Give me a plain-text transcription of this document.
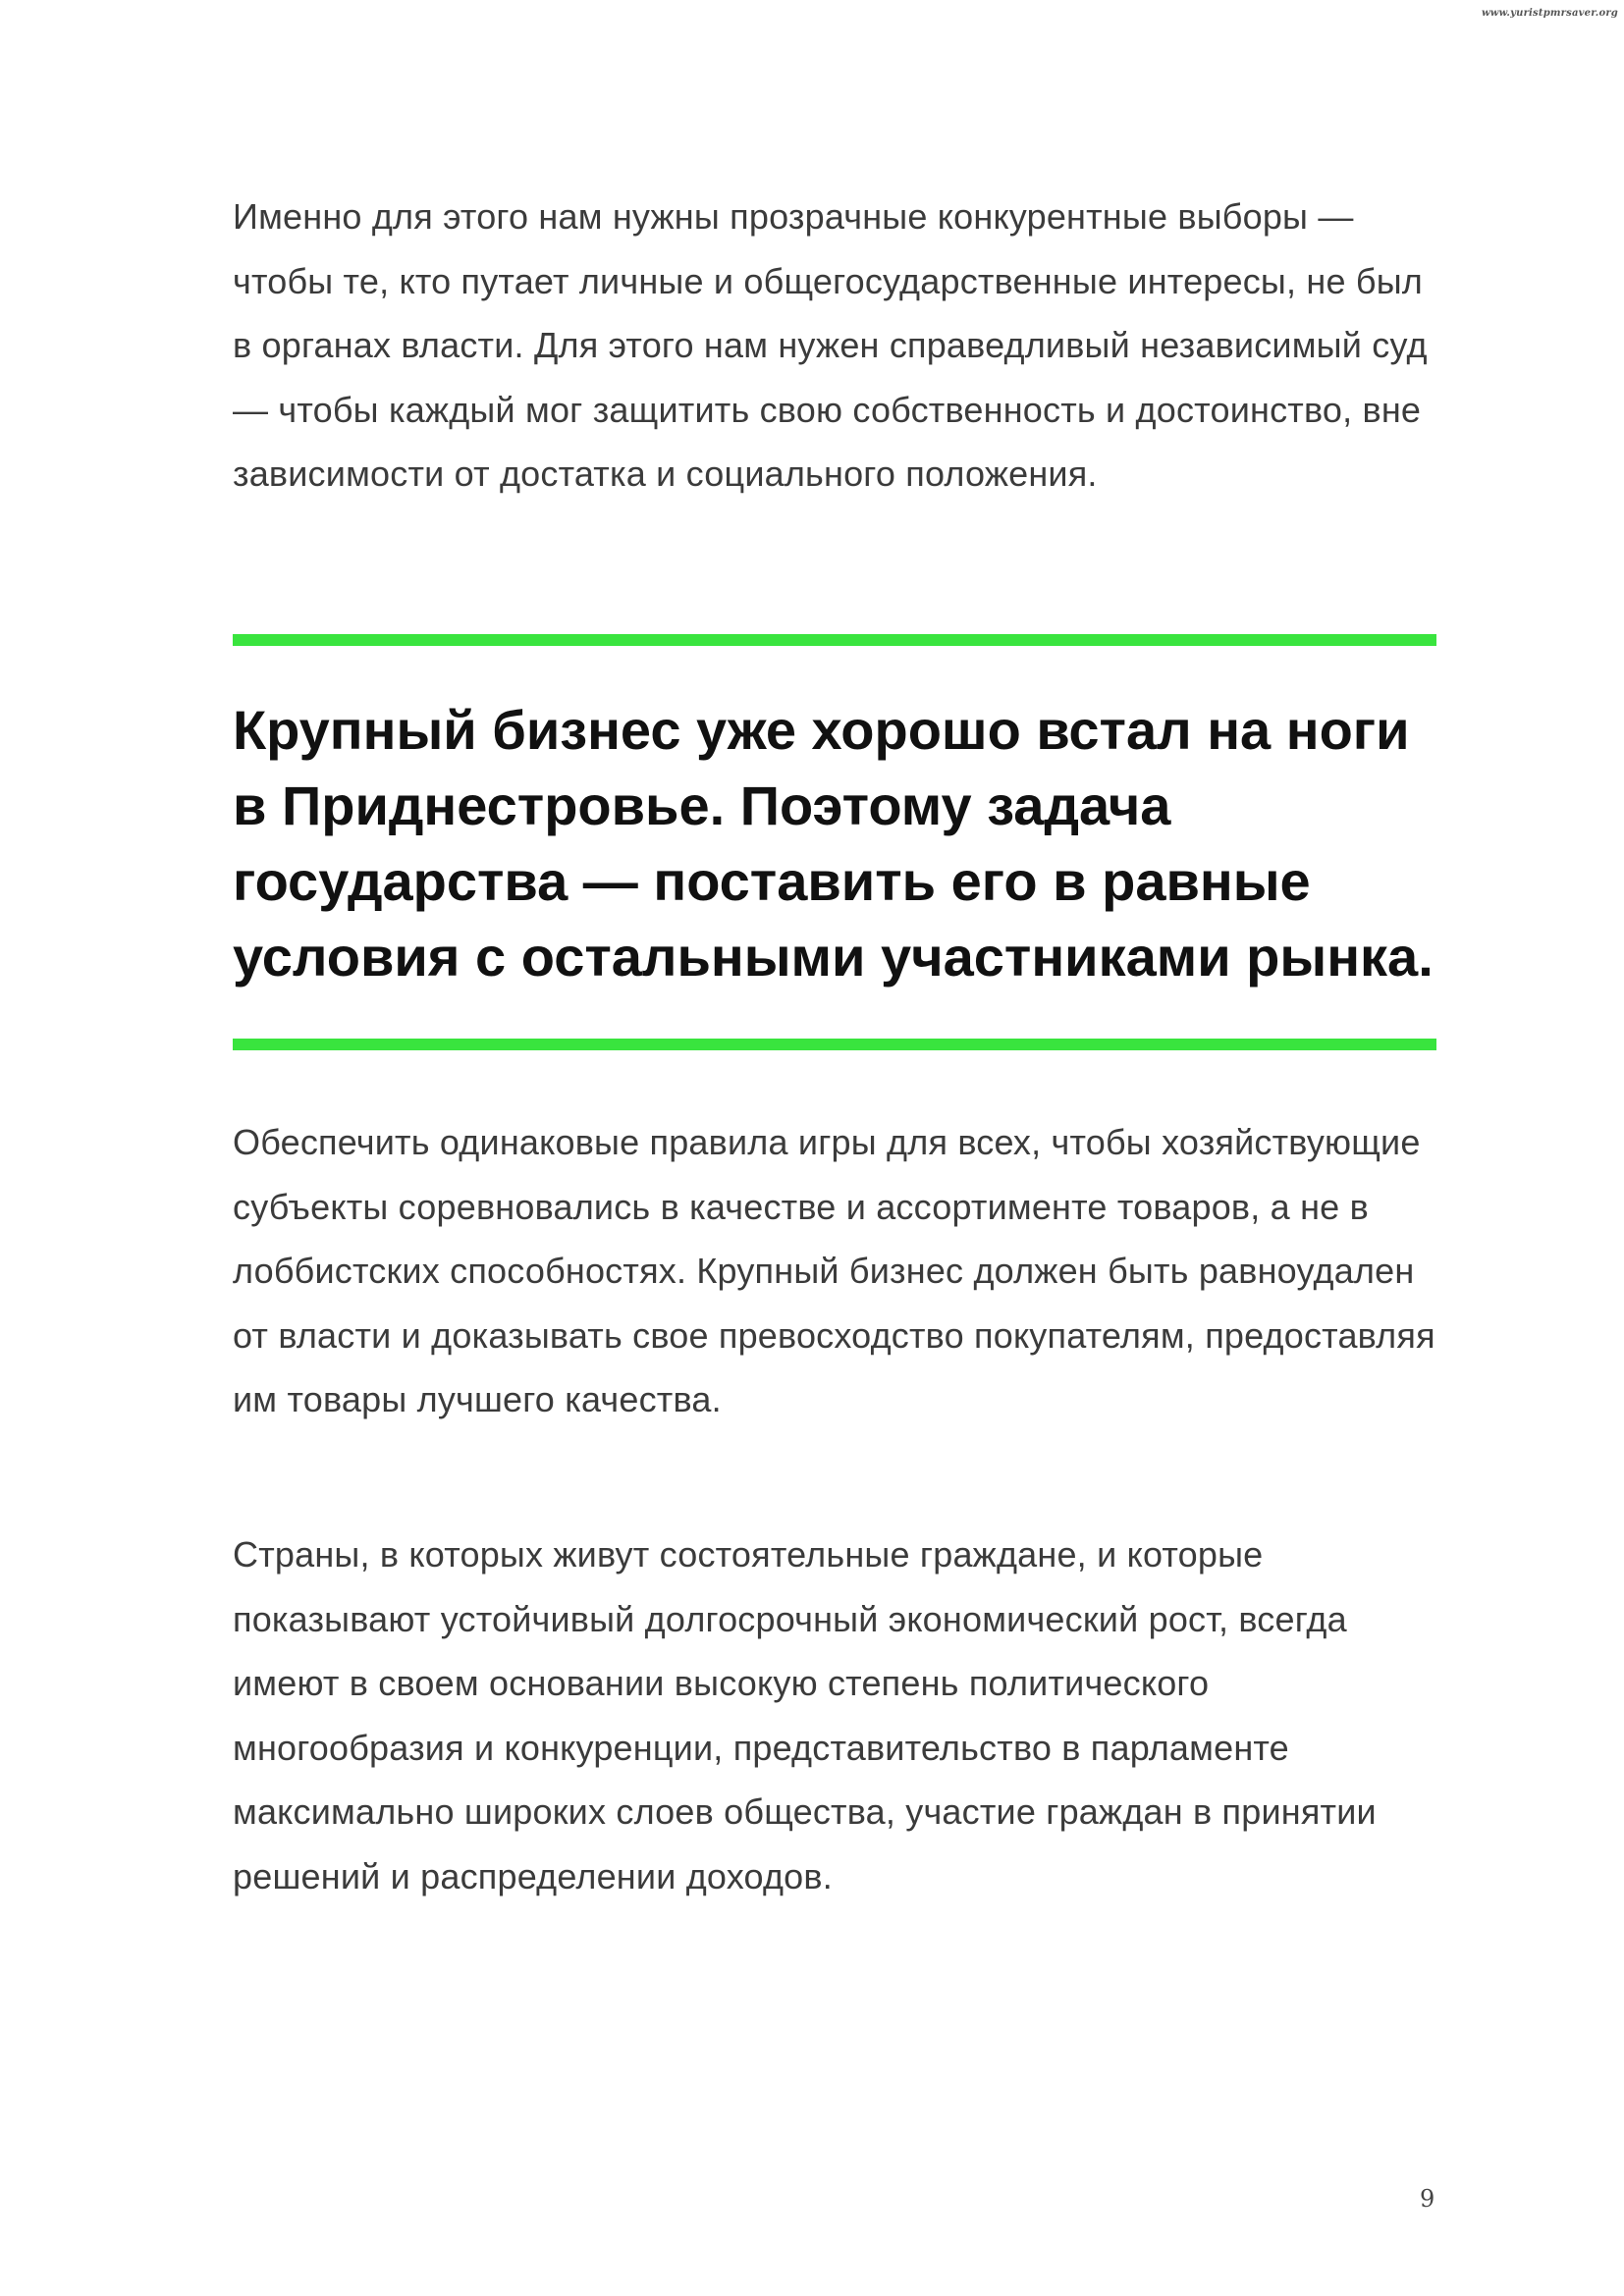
www.yuristpmrsaver.org

Именно для этого нам нужны прозрачные конкурентные выборы — чтобы те, кто путает личные и общегосударственные интересы, не был в органах власти. Для этого нам нужен справедливый независимый суд — чтобы каждый мог защитить свою собственность и достоинство, вне зависимости от достатка и социального положения.

Крупный бизнес уже хорошо встал на ноги в Приднестровье. Поэтому задача государства — поставить его в равные условия с остальными участниками рынка.

Обеспечить одинаковые правила игры для всех, чтобы хозяйствующие субъекты соревновались в качестве и ассортименте товаров, а не в лоббистских способностях. Крупный бизнес должен быть равноудален от власти и доказывать свое превосходство покупателям, предоставляя им товары лучшего качества.

Страны, в которых живут состоятельные граждане, и которые показывают устойчивый долгосрочный экономический рост, всегда имеют в своем основании высокую степень политического многообразия и конкуренции, представительство в парламенте максимально широких слоев общества, участие граждан в принятии решений и распределении доходов.

9
